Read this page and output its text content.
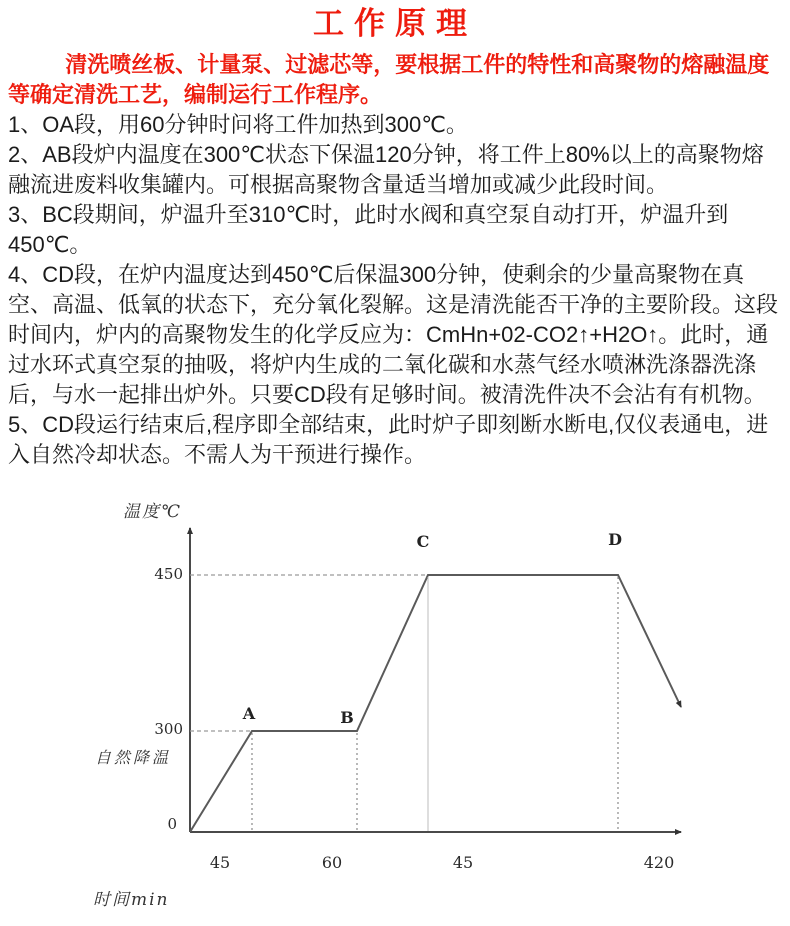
工作原理

清洗喷丝板、计量泵、过滤芯等，要根据工件的特性和高聚物的熔融温度等确定清洗工艺，编制运行工作程序。

1、OA段，用60分钟时问将工件加热到300℃。

2、AB段炉内温度在300℃状态下保温120分钟，将工件上80%以上的高聚物熔融流进废料收集罐内。可根据高聚物含量适当增加或减少此段时间。

3、BC段期间，炉温升至310℃时，此时水阀和真空泵自动打开，炉温升到450℃。

4、CD段，在炉内温度达到450℃后保温300分钟，使剩余的少量高聚物在真空、高温、低氧的状态下，充分氧化裂解。这是清洗能否干净的主要阶段。这段时间内，炉内的高聚物发生的化学反应为：CmHn+02-CO2↑+H2O↑。此时，通过水环式真空泵的抽吸，将炉内生成的二氧化碳和水蒸气经水喷淋洗涤器洗涤后，与水一起排出炉外。只要CD段有足够时间。被清洗件决不会沾有有机物。

5、CD段运行结束后,程序即全部结束，此时炉子即刻断水断电,仅仪表通电，进入自然冷却状态。不需人为干预进行操作。

温度℃
450
300
0
自然降温
A	B
C	D
45	60	45	420
时间min
